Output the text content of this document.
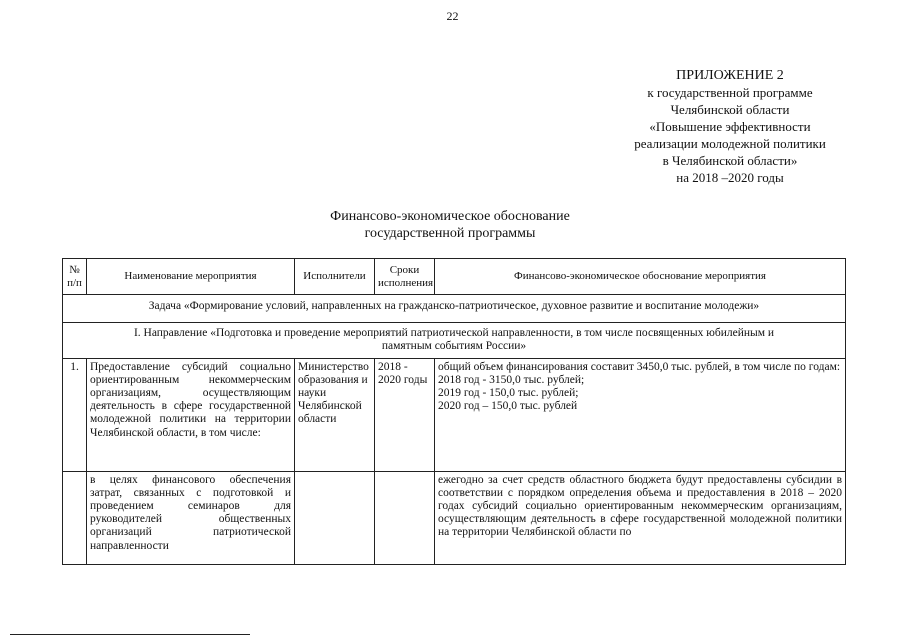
22
ПРИЛОЖЕНИЕ 2
к государственной программе
Челябинской области
«Повышение эффективности
реализации молодежной политики
в Челябинской области»
на 2018 –2020 годы
Финансово-экономическое обоснование
государственной программы
№ п/п	Наименование мероприятия	Исполнители	Сроки исполнения	Финансово-экономическое обоснование мероприятия
Задача «Формирование условий, направленных на гражданско-патриотическое, духовное развитие и воспитание молодежи»				
I. Направление «Подготовка и проведение мероприятий патриотической направленности, в том числе посвященных юбилейным и памятным событиям России»				
1.	Предоставление субсидий социально ориентированным некоммерческим организациям, осуществляющим деятельность в сфере государственной молодежной политики на территории Челябинской области, в том числе:	Министерство образования и науки Челябинской области	2018 - 2020 годы	общий объем финансирования составит 3450,0 тыс. рублей, в том числе по годам:
2018 год - 3150,0 тыс. рублей;
2019 год - 150,0 тыс. рублей;
2020 год – 150,0 тыс. рублей

	в целях финансового обеспечения затрат, связанных с подготовкой и проведением семинаров для руководителей общественных организаций патриотической направленности			ежегодно за счет средств областного бюджета будут предоставлены субсидии в соответствии с порядком определения объема и предоставления в 2018 – 2020 годах субсидий социально ориентированным некоммерческим организациям, осуществляющим деятельность в сфере государственной молодежной политики на территории Челябинской области по
